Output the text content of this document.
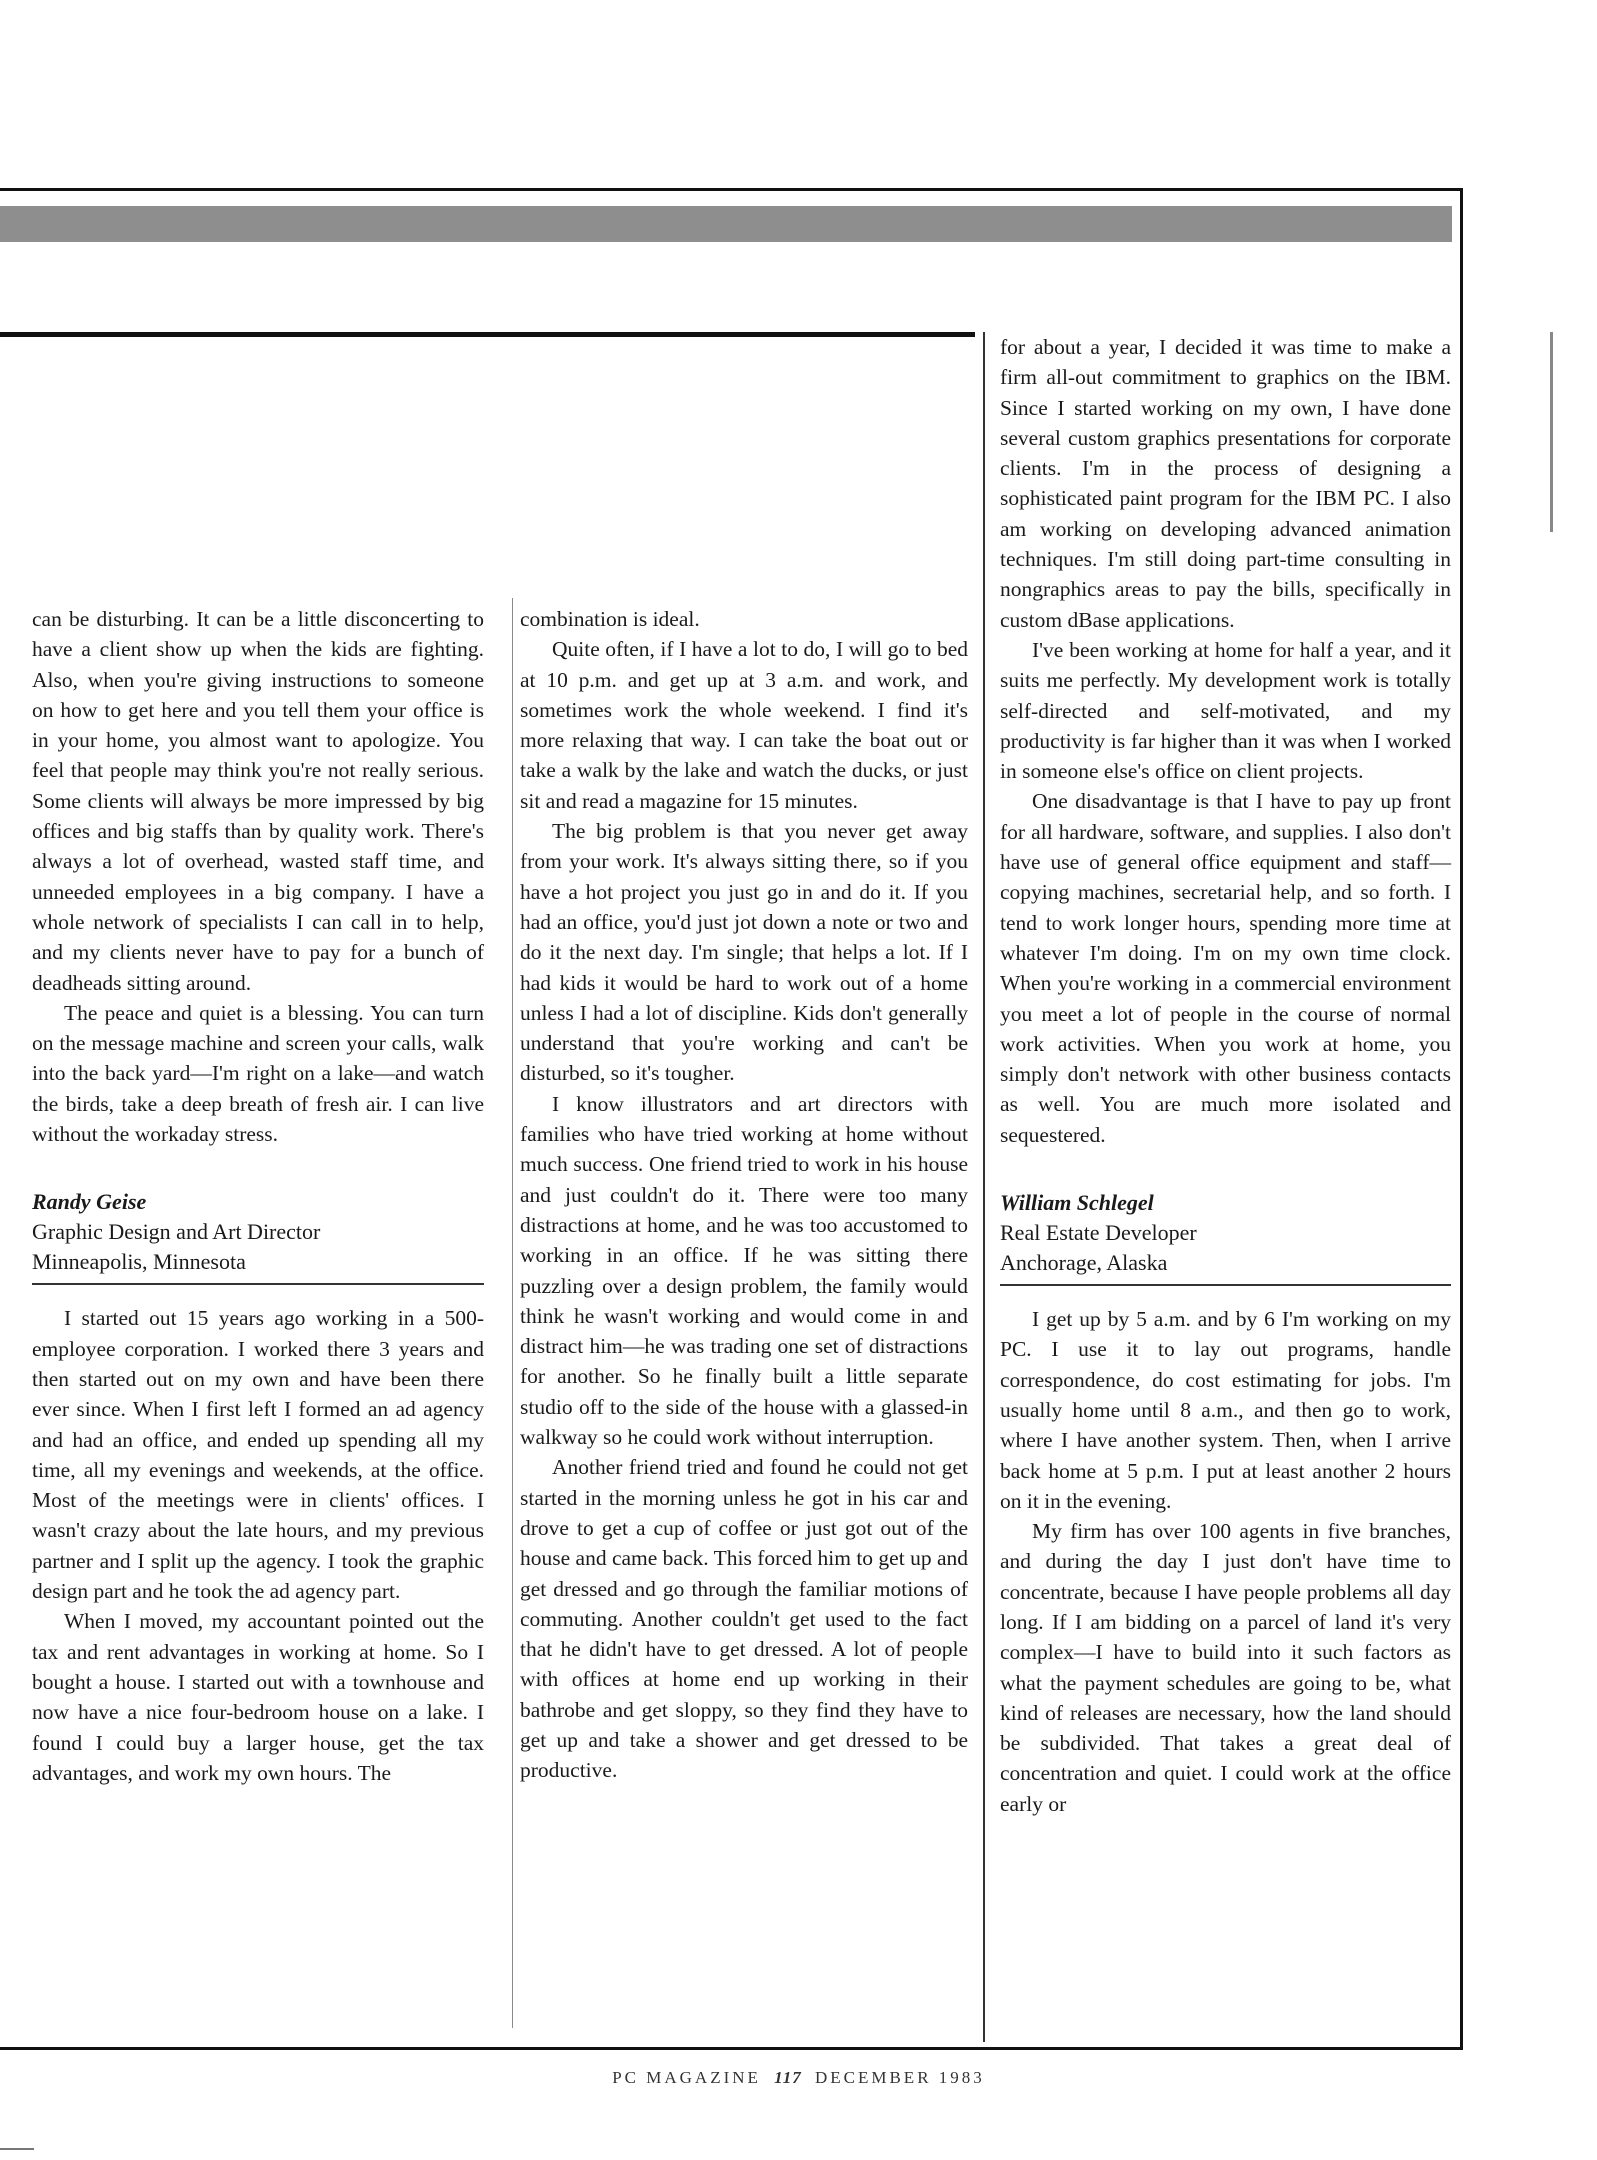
can be disturbing. It can be a little disconcerting to have a client show up when the kids are fighting. Also, when you're giving instructions to someone on how to get here and you tell them your office is in your home, you almost want to apologize. You feel that people may think you're not really serious. Some clients will always be more impressed by big offices and big staffs than by quality work. There's always a lot of overhead, wasted staff time, and unneeded employees in a big company. I have a whole network of specialists I can call in to help, and my clients never have to pay for a bunch of deadheads sitting around.

The peace and quiet is a blessing. You can turn on the message machine and screen your calls, walk into the back yard—I'm right on a lake—and watch the birds, take a deep breath of fresh air. I can live without the workaday stress.

Randy Geise
Graphic Design and Art Director
Minneapolis, Minnesota

I started out 15 years ago working in a 500-employee corporation. I worked there 3 years and then started out on my own and have been there ever since. When I first left I formed an ad agency and had an office, and ended up spending all my time, all my evenings and weekends, at the office. Most of the meetings were in clients' offices. I wasn't crazy about the late hours, and my previous partner and I split up the agency. I took the graphic design part and he took the ad agency part.

When I moved, my accountant pointed out the tax and rent advantages in working at home. So I bought a house. I started out with a townhouse and now have a nice four-bedroom house on a lake. I found I could buy a larger house, get the tax advantages, and work my own hours. The

combination is ideal.

Quite often, if I have a lot to do, I will go to bed at 10 p.m. and get up at 3 a.m. and work, and sometimes work the whole weekend. I find it's more relaxing that way. I can take the boat out or take a walk by the lake and watch the ducks, or just sit and read a magazine for 15 minutes.

The big problem is that you never get away from your work. It's always sitting there, so if you have a hot project you just go in and do it. If you had an office, you'd just jot down a note or two and do it the next day. I'm single; that helps a lot. If I had kids it would be hard to work out of a home unless I had a lot of discipline. Kids don't generally understand that you're working and can't be disturbed, so it's tougher.

I know illustrators and art directors with families who have tried working at home without much success. One friend tried to work in his house and just couldn't do it. There were too many distractions at home, and he was too accustomed to working in an office. If he was sitting there puzzling over a design problem, the family would think he wasn't working and would come in and distract him—he was trading one set of distractions for another. So he finally built a little separate studio off to the side of the house with a glassed-in walkway so he could work without interruption.

Another friend tried and found he could not get started in the morning unless he got in his car and drove to get a cup of coffee or just got out of the house and came back. This forced him to get up and get dressed and go through the familiar motions of commuting. Another couldn't get used to the fact that he didn't have to get dressed. A lot of people with offices at home end up working in their bathrobe and get sloppy, so they find they have to get up and take a shower and get dressed to be productive.

for about a year, I decided it was time to make a firm all-out commitment to graphics on the IBM. Since I started working on my own, I have done several custom graphics presentations for corporate clients. I'm in the process of designing a sophisticated paint program for the IBM PC. I also am working on developing advanced animation techniques. I'm still doing part-time consulting in nongraphics areas to pay the bills, specifically in custom dBase applications.

I've been working at home for half a year, and it suits me perfectly. My development work is totally self-directed and self-motivated, and my productivity is far higher than it was when I worked in someone else's office on client projects.

One disadvantage is that I have to pay up front for all hardware, software, and supplies. I also don't have use of general office equipment and staff—copying machines, secretarial help, and so forth. I tend to work longer hours, spending more time at whatever I'm doing. I'm on my own time clock. When you're working in a commercial environment you meet a lot of people in the course of normal work activities. When you work at home, you simply don't network with other business contacts as well. You are much more isolated and sequestered.

William Schlegel
Real Estate Developer
Anchorage, Alaska

I get up by 5 a.m. and by 6 I'm working on my PC. I use it to lay out programs, handle correspondence, do cost estimating for jobs. I'm usually home until 8 a.m., and then go to work, where I have another system. Then, when I arrive back home at 5 p.m. I put at least another 2 hours on it in the evening.

My firm has over 100 agents in five branches, and during the day I just don't have time to concentrate, because I have people problems all day long. If I am bidding on a parcel of land it's very complex—I have to build into it such factors as what the payment schedules are going to be, what kind of releases are necessary, how the land should be subdivided. That takes a great deal of concentration and quiet. I could work at the office early or

PC MAGAZINE 117 DECEMBER 1983
